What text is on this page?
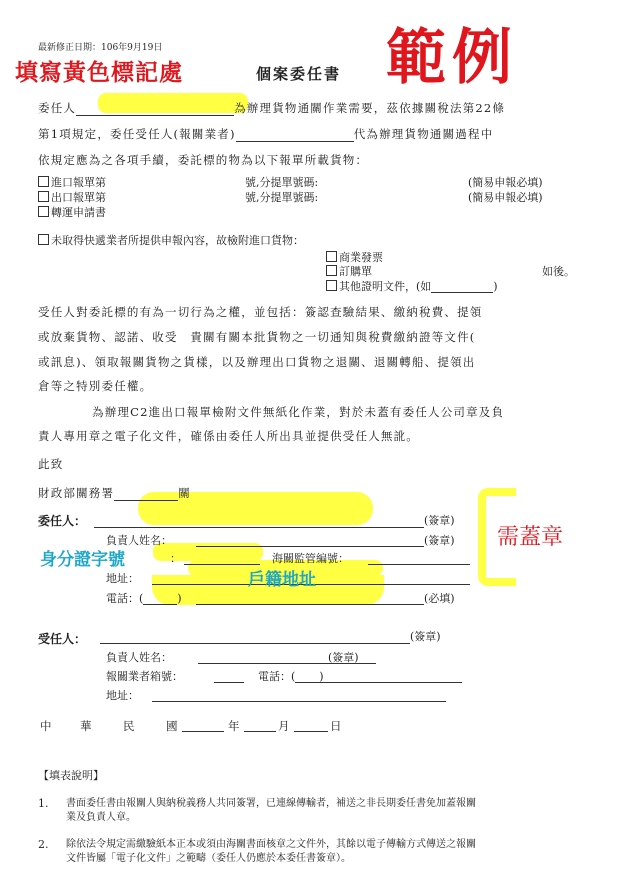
最新修正日期：106年9月19日
填寫黃色標記處	個案委任書 範例
委任人	為辦理貨物通關作業需要，茲依據關稅法第22條
第1項規定，委任受任人(報關業者)	代為辦理貨物通關過程中
依規定應為之各項手續，委託標的物為以下報單所載貨物：
進口報單第	號,分提單號碼:	(簡易申報必填)
出口報單第	號,分提單號碼:	(簡易申報必填)
轉運申請書
未取得快遞業者所提供申報內容，故檢附進口貨物：
商業發票
訂購單	如後。
其他證明文件，(如	)
受任人對委託標的有為一切行為之權，並包括：簽認查驗結果、繳納稅費、提領
或放棄貨物、認諾、收受　貴關有關本批貨物之一切通知與稅費繳納證等文件(
或訊息)、領取報關貨物之貨樣，以及辦理出口貨物之退關、退關轉船、提領出
倉等之特別委任權。
為辦理C2進出口報單檢附文件無紙化作業，對於未蓋有委任人公司章及負
責人專用章之電子化文件，確係由委任人所出具並提供受任人無訛。
此致
財政部關務署	關
委任人：	(簽章)
負責人姓名：	(簽章)
身分證字號	：	海關監管編號：
地址：	戶籍地址
電話：(	)	(必填)
需蓋章
受任人：	(簽章)
負責人姓名：	(簽章)
報關業者箱號：	電話：( )
地址：
中 華	民	國	年	月	日
【填表說明】
1. 書面委任書由報關人與納稅義務人共同簽署，已連線傳輸者，補送之非長期委任書免加蓋報關
業及負責人章。
2. 除依法令規定需繳驗紙本正本或須由海關書面核章之文件外，其餘以電子傳輸方式傳送之報關
文件皆屬「電子化文件」之範疇（委任人仍應於本委任書簽章）。
